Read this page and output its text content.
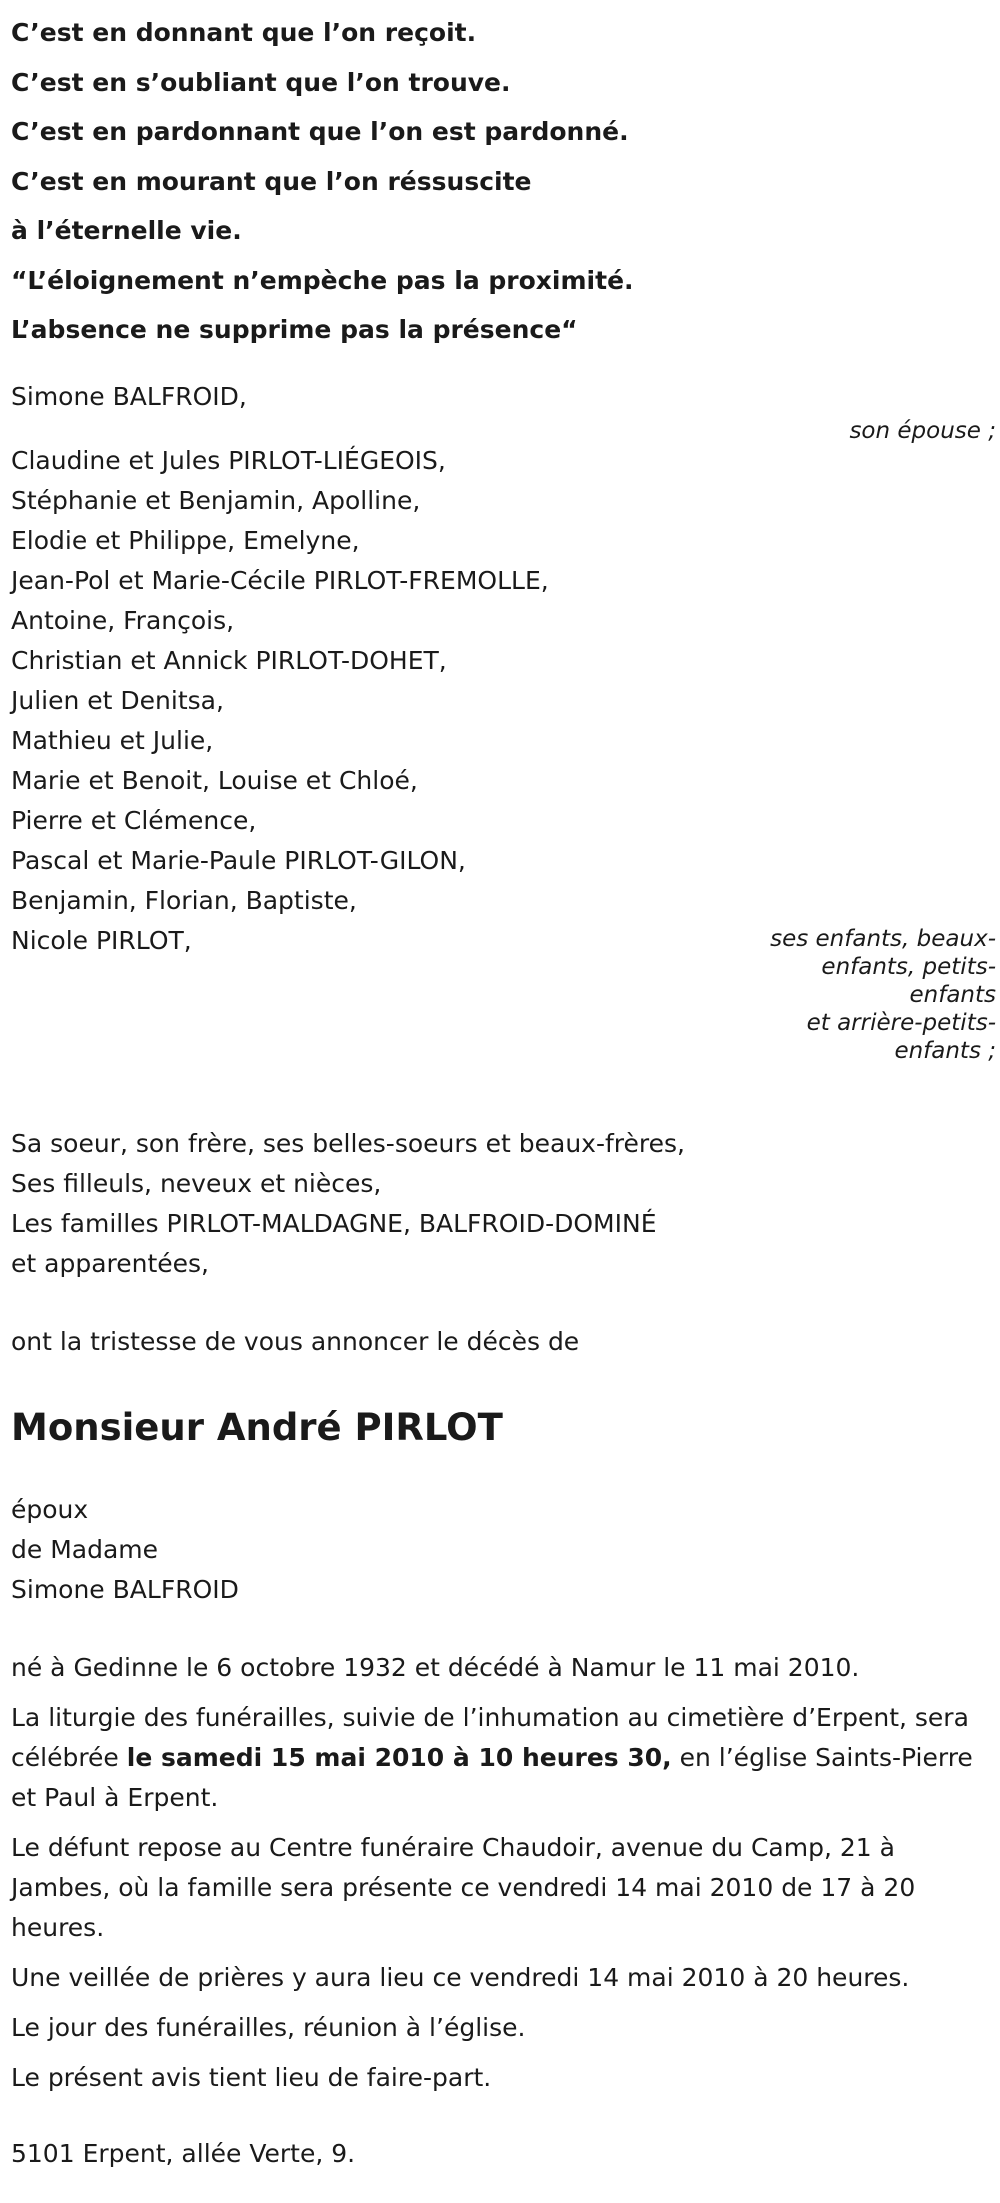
C’est en donnant que l’on reçoit.

C’est en s’oubliant que l’on trouve.

C’est en pardonnant que l’on est pardonné.

C’est en mourant que l’on réssuscite

à l’éternelle vie.

“L’éloignement n’empèche pas la proximité.

L’absence ne supprime pas la présence“

Simone BALFROID,

son épouse ;

Claudine et Jules PIRLOT-LIÉGEOIS,

Stéphanie et Benjamin, Apolline,

Elodie et Philippe, Emelyne,

Jean-Pol et Marie-Cécile PIRLOT-FREMOLLE,

Antoine, François,

Christian et Annick PIRLOT-DOHET,

Julien et Denitsa,

Mathieu et Julie,

Marie et Benoit, Louise et Chloé,

Pierre et Clémence,

Pascal et Marie-Paule PIRLOT-GILON,

Benjamin, Florian, Baptiste,

Nicole PIRLOT,	ses enfants, beaux-
enfants, petits-
enfants
et arrière-petits-
enfants ;

Sa soeur, son frère, ses belles-soeurs et beaux-frères,

Ses filleuls, neveux et nièces,

Les familles PIRLOT-MALDAGNE, BALFROID-DOMINÉ

et apparentées,

ont la tristesse de vous annoncer le décès de

Monsieur André PIRLOT

époux

de Madame

Simone BALFROID

né à Gedinne le 6 octobre 1932 et décédé à Namur le 11 mai 2010.

La liturgie des funérailles, suivie de l’inhumation au cimetière d’Erpent, sera célébrée le samedi 15 mai 2010 à 10 heures 30, en l’église Saints-Pierre et Paul à Erpent.

Le défunt repose au Centre funéraire Chaudoir, avenue du Camp, 21 à Jambes, où la famille sera présente ce vendredi 14 mai 2010 de 17 à 20 heures.

Une veillée de prières y aura lieu ce vendredi 14 mai 2010 à 20 heures.

Le jour des funérailles, réunion à l’église.

Le présent avis tient lieu de faire-part.

5101 Erpent, allée Verte, 9.
